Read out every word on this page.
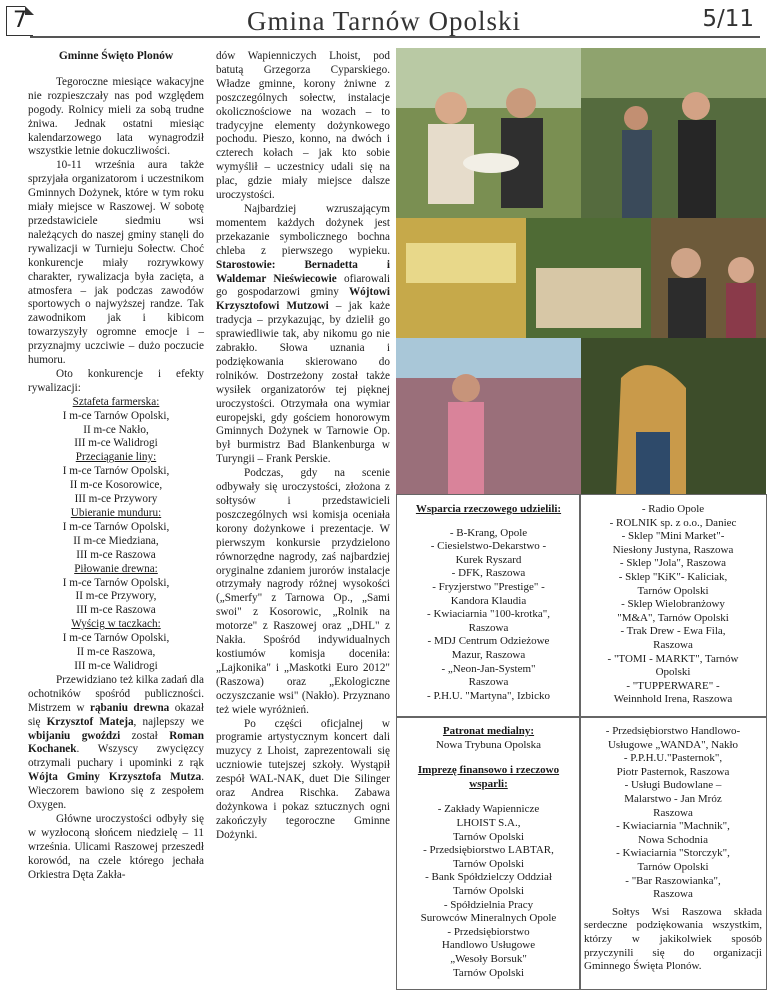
7	Gmina Tarnów Opolski	5/11
Gminne Święto Plonów

Tegoroczne miesiące wakacyjne nie rozpieszczały nas pod względem pogody. Rolnicy mieli za sobą trudne żniwa. Jednak ostatni miesiąc kalendarzowego lata wynagrodził wszystkie letnie dokuczliwości.

10-11 września aura także sprzyjała organizatorom i uczestnikom Gminnych Dożynek, które w tym roku miały miejsce w Raszowej. W sobotę przedstawiciele siedmiu wsi należących do naszej gminy stanęli do rywalizacji w Turnieju Sołectw. Choć konkurencje miały rozrywkowy charakter, rywalizacja była zacięta, a atmosfera – jak podczas zawodów sportowych o najwyższej randze. Tak zawodnikom jak i kibicom towarzyszyły ogromne emocje i – przyznajmy uczciwie – dużo poczucie humoru.

Oto konkurencje i efekty rywalizacji:

Sztafeta farmerska:
I m-ce Tarnów Opolski,
II m-ce Nakło,
III m-ce Walidrogi
Przeciąganie liny:
I m-ce Tarnów Opolski,
II m-ce Kosorowice,
III m-ce Przywory
Ubieranie munduru:
I m-ce Tarnów Opolski,
II m-ce Miedziana,
III m-ce Raszowa
Piłowanie drewna:
I m-ce Tarnów Opolski,
II m-ce Przywory,
III m-ce Raszowa
Wyścig w taczkach:
I m-ce Tarnów Opolski,
II m-ce Raszowa,
III m-ce Walidrogi

Przewidziano też kilka zadań dla ochotników spośród publiczności. Mistrzem w rąbaniu drewna okazał się Krzysztof Mateja, najlepszy we wbijaniu gwoździ został Roman Kochanek. Wszyscy zwycięzcy otrzymali puchary i upominki z rąk Wójta Gminy Krzysztofa Mutza. Wieczorem bawiono się z zespołem Oxygen.

Główne uroczystości odbyły się w wyzłoconą słońcem niedzielę – 11 września. Ulicami Raszowej przeszedł korowód, na czele którego jechała Orkiestra Dęta Zakła-

dów Wapienniczych Lhoist, pod batutą Grzegorza Cyparskiego. Władze gminne, korony żniwne z poszczególnych sołectw, instalacje okolicznościowe na wozach – to tradycyjne elementy dożynkowego pochodu. Pieszo, konno, na dwóch i czterech kołach – jak kto sobie wymyślił – uczestnicy udali się na plac, gdzie miały miejsce dalsze uroczystości.

Najbardziej wzruszającym momentem każdych dożynek jest przekazanie symbolicznego bochna chleba z pierwszego wypieku. Starostowie: Bernadetta i Waldemar Nieświecowie ofiarowali go gospodarzowi gminy Wójtowi Krzysztofowi Mutzowi – jak każe tradycja – przykazując, by dzielił go sprawiedliwie tak, aby nikomu go nie zabrakło. Słowa uznania i podziękowania skierowano do rolników. Dostrzeżony został także wysiłek organizatorów tej pięknej uroczystości. Otrzymała ona wymiar europejski, gdy gościem honorowym Gminnych Dożynek w Tarnowie Op. był burmistrz Bad Blankenburga w Turyngii – Frank Perskie.

Podczas, gdy na scenie odbywały się uroczystości, złożona z sołtysów i przedstawicieli poszczególnych wsi komisja oceniała korony dożynkowe i prezentacje. W pierwszym konkursie przydzielono równorzędne nagrody, zaś najbardziej oryginalne zdaniem jurorów instalacje otrzymały nagrody różnej wysokości („Smerfy" z Tarnowa Op., „Sami swoi" z Kosorowic, „Rolnik na motorze" z Raszowej oraz „DHL" z Nakła. Spośród indywidualnych kostiumów komisja doceniła: „Lajkonika" i „Maskotki Euro 2012" (Raszowa) oraz „Ekologiczne oczyszczanie wsi" (Nakło). Przyznano też wiele wyróżnień.

Po części oficjalnej w programie artystycznym koncert dali muzycy z Lhoist, zaprezentowali się uczniowie tutejszej szkoły. Wystąpił zespół WAL-NAK, duet Die Silinger oraz Andrea Rischka. Zabawa dożynkowa i pokaz sztucznych ogni zakończyły tegoroczne Gminne Dożynki.

Wsparcia rzeczowego udzielili:
- B-Krang, Opole
- Ciesielstwo-Dekarstwo -
Kurek Ryszard
- DFK, Raszowa
- Fryzjerstwo "Prestige" -
Kandora Klaudia
- Kwiaciarnia "100-krotka",
Raszowa
- MDJ Centrum Odzieżowe
Mazur, Raszowa
- „Neon-Jan-System"
Raszowa
- P.H.U. "Martyna", Izbicko
- Radio Opole
- ROLNIK sp. z o.o., Daniec
- Sklep "Mini Market"-
Niesłony Justyna, Raszowa
- Sklep "Jola", Raszowa
- Sklep "KiK"- Kaliciak,
Tarnów Opolski
- Sklep Wielobranżowy
"M&A", Tarnów Opolski
- Trak Drew - Ewa Fila,
Raszowa
- "TOMI - MARKT", Tarnów
Opolski
- "TUPPERWARE" -
Weinnhold Irena, Raszowa
Patronat medialny:
Nowa Trybuna Opolska
Imprezę finansowo i rzeczowo wsparli:
- Zakłady Wapiennicze
LHOIST S.A.,
Tarnów Opolski
- Przedsiębiorstwo LABTAR,
Tarnów Opolski
- Bank Spółdzielczy Oddział
Tarnów Opolski
- Spółdzielnia Pracy
Surowców Mineralnych Opole
- Przedsiębiorstwo
Handlowo Usługowe
„Wesoły Borsuk"
Tarnów Opolski
- Przedsiębiorstwo Handlowo-
Usługowe „WANDA", Nakło
- P.P.H.U."Pasternok",
Piotr Pasternok, Raszowa
- Usługi Budowlane –
Malarstwo - Jan Mróz
Raszowa
- Kwiaciarnia "Machnik",
Nowa Schodnia
- Kwiaciarnia "Storczyk",
Tarnów Opolski
- "Bar Raszowianka",
Raszowa
Sołtys Wsi Raszowa składa serdeczne podziękowania wszystkim, którzy w jakikolwiek sposób przyczynili się do organizacji Gminnego Święta Plonów.
